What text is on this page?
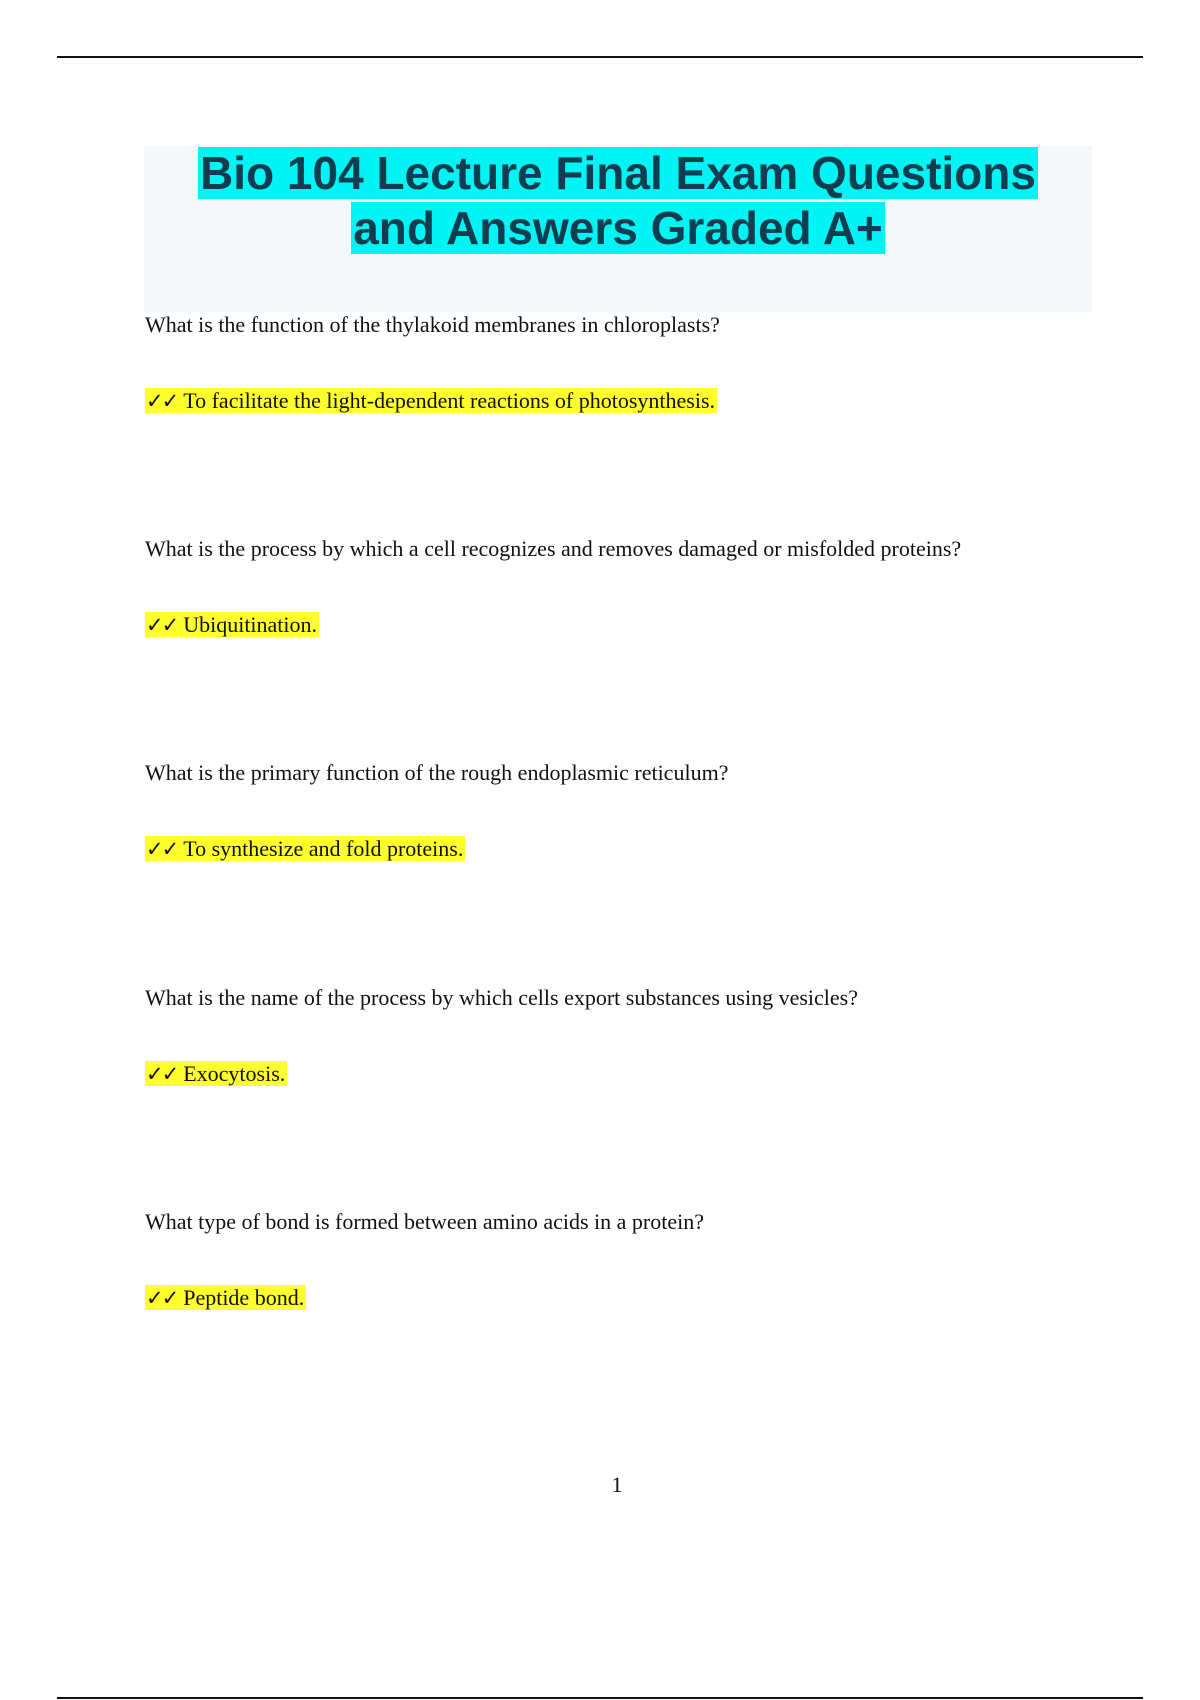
Bio 104 Lecture Final Exam Questions
and Answers Graded A+

What is the function of the thylakoid membranes in chloroplasts?

✓✓ To facilitate the light-dependent reactions of photosynthesis.

What is the process by which a cell recognizes and removes damaged or misfolded proteins?

✓✓ Ubiquitination.

What is the primary function of the rough endoplasmic reticulum?

✓✓ To synthesize and fold proteins.

What is the name of the process by which cells export substances using vesicles?

✓✓ Exocytosis.

What type of bond is formed between amino acids in a protein?

✓✓ Peptide bond.

1
